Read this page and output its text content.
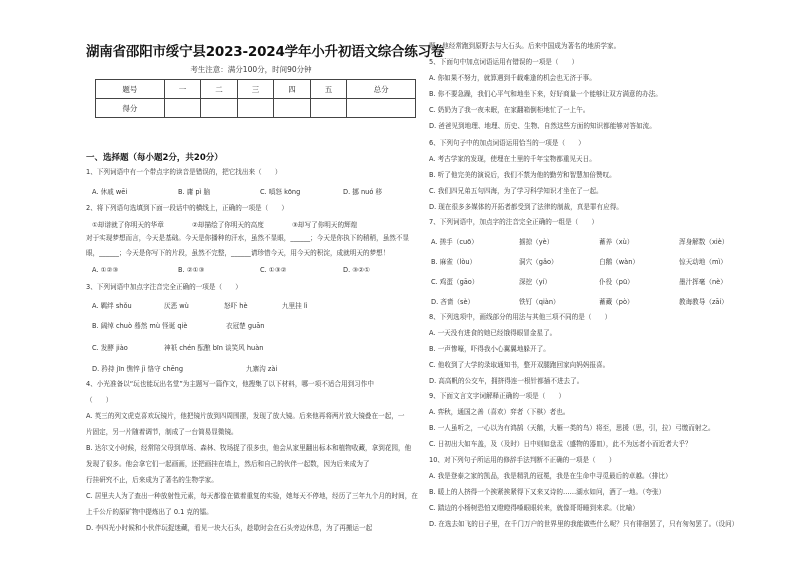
湖南省邵阳市绥宁县2023-2024学年小升初语文综合练习卷
考生注意：满分100分，时间90分钟
题号	一	二	三	四	五	总分
得分						
一、选择题（每小题2分，共20分）
1、下列词语中有一个带点字的读音是错误的，把它找出来（　　）
A. 休戚 wēi	B. 庸 pì 脑	C. 嗔怒 kōng	D. 挪 nuó 移
2、将下列语句选填到下面一段话中的横线上，正确的一项是（　　）
①却谱就了你明天的华章	②却描绘了你明天的高度	③却写了你明天的辉煌
对于实现梦想而言，今天是基础。今天是你播种的汗水，虽然不显眼，______；今天是你执下的稍稍，虽然不显
眼，______；今天是你写下的片段，虽然不完整，______请珍惜今天，用今天的积淀，成就明天的梦想！
A. ①②③	B. ②①③	C. ①③②	D. ③②①
3、下列词语中加点字注音完全正确的一项是（　　）
A. 羁绊 shǒu	厌恶 wù	怒吓 hè	九里挂 lì
B. 阔绰 chuò 蓦然 mù 怪诞 qiè	衣冠楚 guān
C. 发酵 jiào	神祇 chén 酝酿 bīn 谈笑风 huàn
D. 矜持 jīn 憔悴 jì 恪守 chēng	九寨沟 zài
4、小光准备以“玩也能玩出名堂”为主题写一篇作文，他搜集了以下材料，哪一项不适合用到习作中
（　　）
A. 英三的列文虎克喜欢玩镜片，他把镜片放到四周围摆，发现了放大镜。后来他再将两片放大镜叠在一起，一
片固定，另一片随着调节，制成了一台简易显微镜。
B. 达尔文小时候，经常陪父母到草场、森林、牧场捉了很多虫，他会从家里翻出标本和植物收藏，拿到花园，他
发现了很多。他会拿它们一起画画，还把画挂在墙上，然后和自己的伙伴一起数，因为后来成为了
行挂研究不止，后来成为了著名的生物学家。
C. 居里夫人为了查出一种放射性元素，每天都像在做着重复的实验，她每天不停地，经历了三年九个月的时间，在
上千公斤的原矿物中提炼出了 0.1 克的镭。
D. 李四光小时候和小伙伴玩捉迷藏，看见一块大石头，趁歇时会在石头旁边休息，为了再搬运一起
题，他经常跑到原野去与大石头。后来中国成为著名的地质学家。
5、下面句中加点词语运用有错误的一项是（　　）
A. 你如果不努力，就算遇到千载难逢的机会也无济于事。
B. 你不要急躁，我们心平气和地坐下来，好好商量一个能够让双方满意的办法。
C. 奶奶为了我一夜未眠，在家翻箱倒柜地忙了一上午。
D. 爸爸见到地理、地理、历史、生物、自然这些方面的知识都能够对答如流。
6、下列句子中的加点词语运用恰当的一项是（　　）
A. 考古学家的发现，使埋在土里的千年宝物都重见天日。
B. 听了他完美的演说后，我们不禁为他的勤劳和智慧加倍赞叹。
C. 我们四兄弟五句四海，为了学习科学知识才坐在了一起。
D. 现在很多多媒体的开拓者都受到了法律的制裁，真是罪有应得。
7、下列词语中，加点字的注音完全正确的一组是（　　）
A. 搓手（cuō）	掳掠（yè）	蓄养（xù）	浑身解数（xiè）
B. 麻雀（lòu）	洞穴（gǎo）	白鹅（wàn）	惊天动地（mì）
C. 鸡蛋（gāo）	深挖（yí）	仆役（pū）	墨汁挥毫（nè）
D. 吝啬（sè）	铁钉（qiàn）	蓄藏（pò）	教诲教导（zāi）
8、下列选项中，画线部分的用法与其他三项不同的是（　　）
A. 一天没有进食的她已经饿得眼冒金星了。
B. 一声惨嚎，吓得我小心翼翼地躲开了。
C. 他收到了大学的录取通知书，整开双腿跑回家向妈妈报喜。
D. 高高帆的公交车，拥挤得连一根针都插不进去了。
9、下面文言文字词解释正确的一项是（　　）
A. 弈秋，通国之善（喜欢）弈者（下棋）者也。
B. 一人虽听之，一心以为有鸿鹄（天鹅，大雁一类的鸟）将至，思援（思，引，拉）弓缴而射之。
C. 日初出大如车盖，及（及时）日中则如盘盂（盛物的器皿），此不为远者小而近者大乎？
10、对下列句子所运用的修辞手法判断不正确的一项是（　　）
A. 我是登泰之家的凯品，我是精乳的冠冕，我是在生命中寻觅最后的卓越。（排比）
B. 暖上的人挤得一个挨紧挨紧得下又来又诗的……湖水如问，酒了一地。（夸张）
C. 踏边的小杨树恐怕又瞪瞪得嗓眼眼转来，就像哥哥睡到来求。（比喻）
D. 在选去如飞的日子里，在千门万户的世界里的我能做些什么呢？只有徘徊罢了，只有匆匆罢了。（设问）
